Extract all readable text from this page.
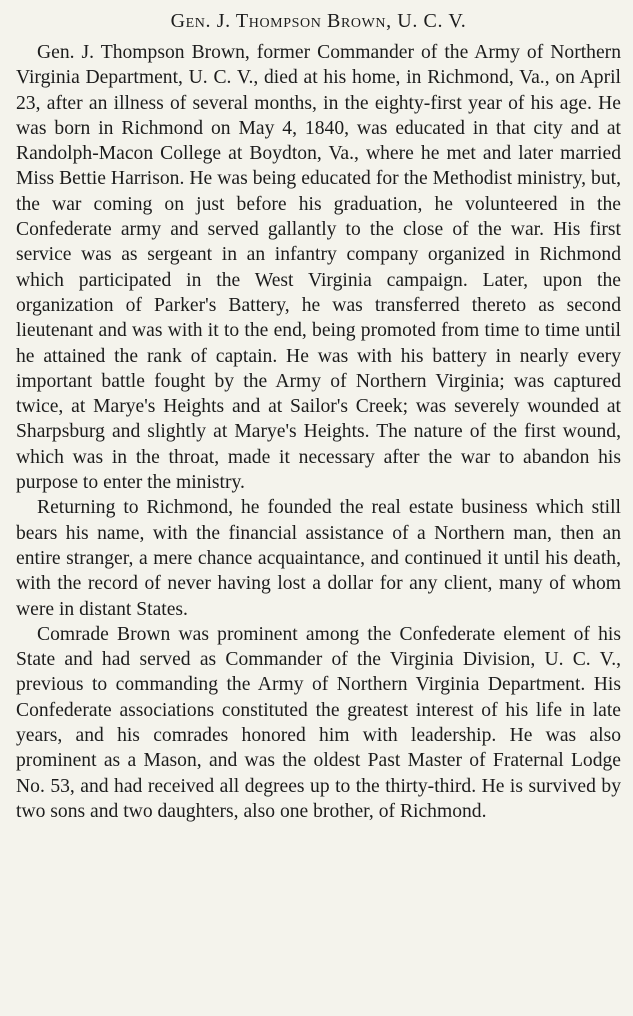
Gen. J. Thompson Brown, U. C. V.

Gen. J. Thompson Brown, former Commander of the Army of Northern Virginia Department, U. C. V., died at his home, in Richmond, Va., on April 23, after an illness of several months, in the eighty-first year of his age. He was born in Richmond on May 4, 1840, was educated in that city and at Randolph-Macon College at Boydton, Va., where he met and later married Miss Bettie Harrison. He was being educated for the Methodist ministry, but, the war coming on just before his graduation, he volunteered in the Confederate army and served gallantly to the close of the war. His first service was as sergeant in an infantry company organized in Richmond which participated in the West Virginia campaign. Later, upon the organization of Parker's Battery, he was transferred thereto as second lieutenant and was with it to the end, being promoted from time to time until he attained the rank of captain. He was with his battery in nearly every important battle fought by the Army of Northern Virginia; was captured twice, at Marye's Heights and at Sailor's Creek; was severely wounded at Sharpsburg and slightly at Marye's Heights. The nature of the first wound, which was in the throat, made it necessary after the war to abandon his purpose to enter the ministry.

Returning to Richmond, he founded the real estate business which still bears his name, with the financial assistance of a Northern man, then an entire stranger, a mere chance acquaintance, and continued it until his death, with the record of never having lost a dollar for any client, many of whom were in distant States.

Comrade Brown was prominent among the Confederate element of his State and had served as Commander of the Virginia Division, U. C. V., previous to commanding the Army of Northern Virginia Department. His Confederate associations constituted the greatest interest of his life in late years, and his comrades honored him with leadership. He was also prominent as a Mason, and was the oldest Past Master of Fraternal Lodge No. 53, and had received all degrees up to the thirty-third. He is survived by two sons and two daughters, also one brother, of Richmond.
